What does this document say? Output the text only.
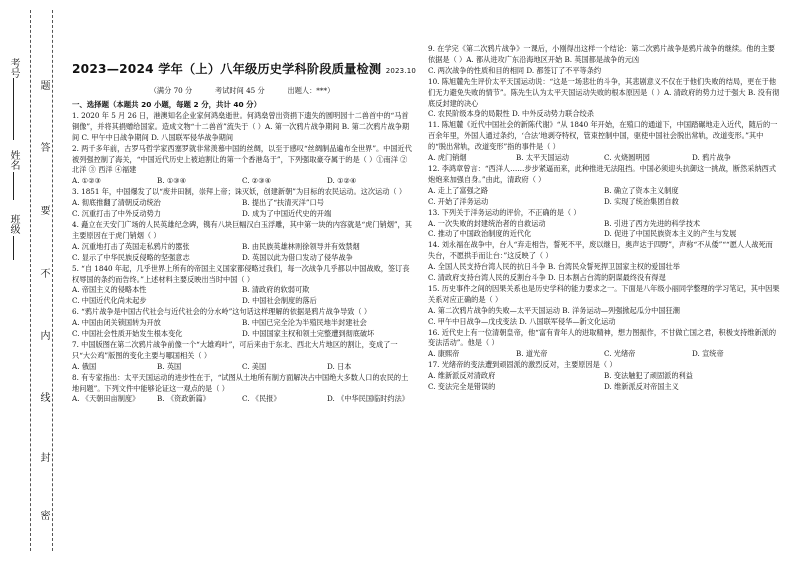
考号
姓名
班级
题
答
要
不
内
线
封
密
2023—2024 学年（上）八年级历史学科阶段质量检测 2023.10
（满分 70 分          考试时间 45 分          出题人：***）
一、选择题（本题共 20 小题，每题 2 分，共计 40 分）

1. 2020 年 5 月 26 日，港澳知名企业家何鸿燊逝世。何鸿燊曾出资捐下遗失的圆明园十二兽首中的“马首铜像”，并将其捐赠给国家。造成文物“十二兽首”流失于（ ）A. 第一次鸦片战争期间 B. 第二次鸦片战争期间 C. 甲午中日战争期间 D. 八国联军侵华战争期间

2. 两千多年前，古罗马哲学家西塞罗就非常羡慕中国的丝绸，以至于感叹“丝绸制品遍布全世界”。中国近代被列强控制了海关，“中国近代历史上被迫割让的第一个香港岛于”，下列强取豪夺属于的是（ ）①南洋 ② 北洋 ③ 西洋 ④福建

A. ①②③	B. ①③④	C. ②③④	D. ①②④

3. 1851 年，中国爆发了以“废井田制，崇拜上帝；诛灭妖，创建新朝”为目标的农民运动。这次运动（ ）

A. 彻底推翻了清朝反动统治	B. 提出了“扶清灭洋”口号
C. 沉重打击了中外反动势力	D. 成为了中国近代史的开端

4. 矗立在天安门广场的人民英雄纪念碑，镌有八块巨幅汉白玉浮雕，其中第一块的内容就是“虎门销烟”，其主要原因在于虎门销烟（ ）

A. 沉重地打击了英国走私鸦片的嚣张	B. 由民族英雄林则徐领导并有效禁烟
C. 显示了中华民族反侵略的坚强意志	D. 英国以此为借口发动了侵华战争

5. “自 1840 年起，几乎世界上所有的帝国主义国家都侵略过我们，每一次战争几乎都以中国战败，签订丧权辱国的条约而告终。”上述材料主要反映出当时中国（ ）

A. 帝国主义的侵略本性	B. 清政府的软弱可欺
C. 中国近代化尚未起步	D. 中国社会制度的落后

6. “鸦片战争是中国古代社会与近代社会的分水岭”这句话这样理解的依据是鸦片战争导致（ ）

A. 中国由闭关锁国转为开放	B. 中国已完全沦为半殖民地半封建社会
C. 中国社会性质开始发生根本变化	D. 中国国家主权和领土完整遭到彻底破坏

7. 中国版图在第二次鸦片战争前像一个“大雄鸡叶”，可后来由于东北、西北大片地区的割让，变成了一只“大公鸡”版图的变化主要与哪国相关（ ）

A. 俄国	B. 英国	C. 美国	D. 日本

8. 有专家指出：太平天国运动的进步性在于，“试图从土地所有制方面解决占中国绝大多数人口的农民的土地问题”。下列文件中能够论证这一观点的是（ ）

A. 《天朝田亩制度》	B. 《资政新篇》	C. 《民报》	D. 《中华民国临时约法》

9. 在学完《第二次鸦片战争》一课后，小刚得出这样一个结论：第二次鸦片战争是鸦片战争的继续。他的主要依据是（ ）A. 都从进攻广东沿海地区开始 B. 英国都是战争的元凶

C. 两次战争的性质和目的相同 D. 都签订了不平等条约

10. 陈旭麓先生评价太平天国运动说：“这是一场悲壮的斗争，其悲剧意义不仅在于他们失败的结局，更在于他们无力避免失败的情节”。陈先生认为太平天国运动失败的根本原因是（ ）A. 清政府的势力过于强大 B. 没有彻底反封建的决心

C. 农民阶级本身的局限性 D. 中外反动势力联合绞杀

11. 陈旭麓《近代中国社会的新陈代谢》“从 1840 年开始，在殖口的通道下，中国踏碾地走入近代，随后的一百余年里，外国人通过条约，‘合法’地剥夺特权，管束控制中国，驱使中国社会脱出常轨，改道变形。”其中的“脱出常轨，改道变形”指的事件是（ ）

A. 虎门销烟	B. 太平天国运动	C. 火烧圆明园	D. 鸦片战争

12. 李鸿章曾言：“西洋人……步步紧逼而来，此种推进无法阻挡。中国必须迎头抗御这一挑战，断然采纳西式炮炮来加强自身。”由此，清政府（ ）

A. 走上了富强之路	B. 确立了资本主义制度
C. 开始了洋务运动	D. 实现了统治集团自救

13. 下列关于洋务运动的评价，不正确的是（ ）

A. 一次失败的封建统治者的自救运动	B. 引进了西方先进的科学技术
C. 推动了中国政治制度的近代化	D. 促进了中国民族资本主义的产生与发展

14. 刘永福在战争中，台人“弃走相告，誓死不平，废以继日，奥声达于四野”，声称“不从倭”““愿人人战死而失台，不愿拱手而让台：”这反映了（ ）

A. 全国人民支持台湾人民的抗日斗争 B. 台湾民众誓死捍卫国家主权的爱国壮举
C. 清政府支持台湾人民的反割台斗争 D. 日本割占台湾的阴谋最终没有得逞

15. 历史事件之间的因果关系也是历史学科的能力要求之一。下面是八年级小丽同学整理的学习笔记，其中因果关系对应正确的是（ ）

A. 第二次鸦片战争的失败—太平天国运动 B. 洋务运动—列强掀起瓜分中国狂潮
C. 甲午中日战争—戊戌变法 D. 八国联军侵华—新文化运动

16. 近代史上有一位清朝皇帝，他“富有青年人的进取精神，想力图振作，不甘做亡国之君，积极支持维新派的变法活动”。他是（ ）

A. 康熙帝	B. 道光帝	C. 光绪帝	D. 宣统帝

17. 光绪帝的变法遭到顽固派的激烈反对，主要原因是（ ）

A. 维新派反对清政府	B. 变法触犯了顽固派的利益
C. 变法完全是错误的	D. 维新派反对帝国主义
